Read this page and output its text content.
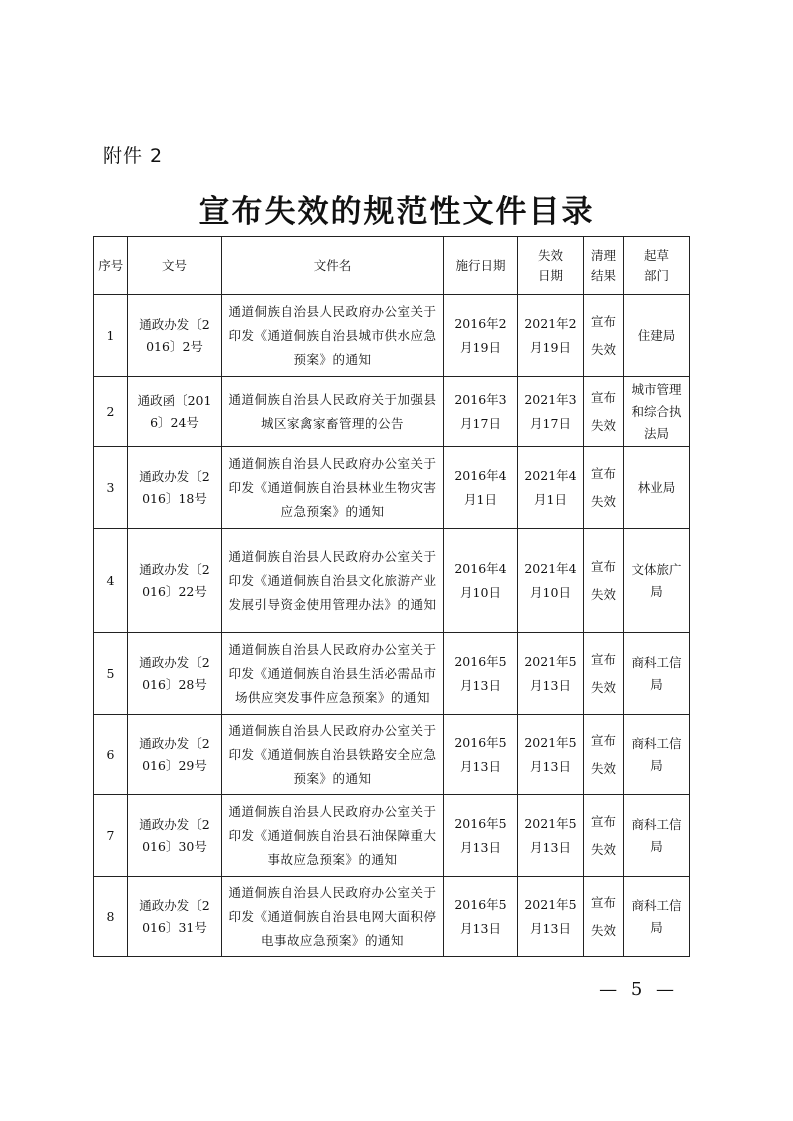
附件 2
宣布失效的规范性文件目录
序号	文号	文件名	施行日期	失效日期	清理结果	起草部门
1	通政办发〔2016〕2号	通道侗族自治县人民政府办公室关于印发《通道侗族自治县城市供水应急预案》的通知	2016年2月19日	2021年2月19日	宣布失效	住建局
2	通政函〔2016〕24号	通道侗族自治县人民政府关于加强县城区家禽家畜管理的公告	2016年3月17日	2021年3月17日	宣布失效	城市管理和综合执法局
3	通政办发〔2016〕18号	通道侗族自治县人民政府办公室关于印发《通道侗族自治县林业生物灾害应急预案》的通知	2016年4月1日	2021年4月1日	宣布失效	林业局
4	通政办发〔2016〕22号	通道侗族自治县人民政府办公室关于印发《通道侗族自治县文化旅游产业发展引导资金使用管理办法》的通知	2016年4月10日	2021年4月10日	宣布失效	文体旅广局
5	通政办发〔2016〕28号	通道侗族自治县人民政府办公室关于印发《通道侗族自治县生活必需品市场供应突发事件应急预案》的通知	2016年5月13日	2021年5月13日	宣布失效	商科工信局
6	通政办发〔2016〕29号	通道侗族自治县人民政府办公室关于印发《通道侗族自治县铁路安全应急预案》的通知	2016年5月13日	2021年5月13日	宣布失效	商科工信局
7	通政办发〔2016〕30号	通道侗族自治县人民政府办公室关于印发《通道侗族自治县石油保障重大事故应急预案》的通知	2016年5月13日	2021年5月13日	宣布失效	商科工信局
8	通政办发〔2016〕31号	通道侗族自治县人民政府办公室关于印发《通道侗族自治县电网大面积停电事故应急预案》的通知	2016年5月13日	2021年5月13日	宣布失效	商科工信局
— 5 —
